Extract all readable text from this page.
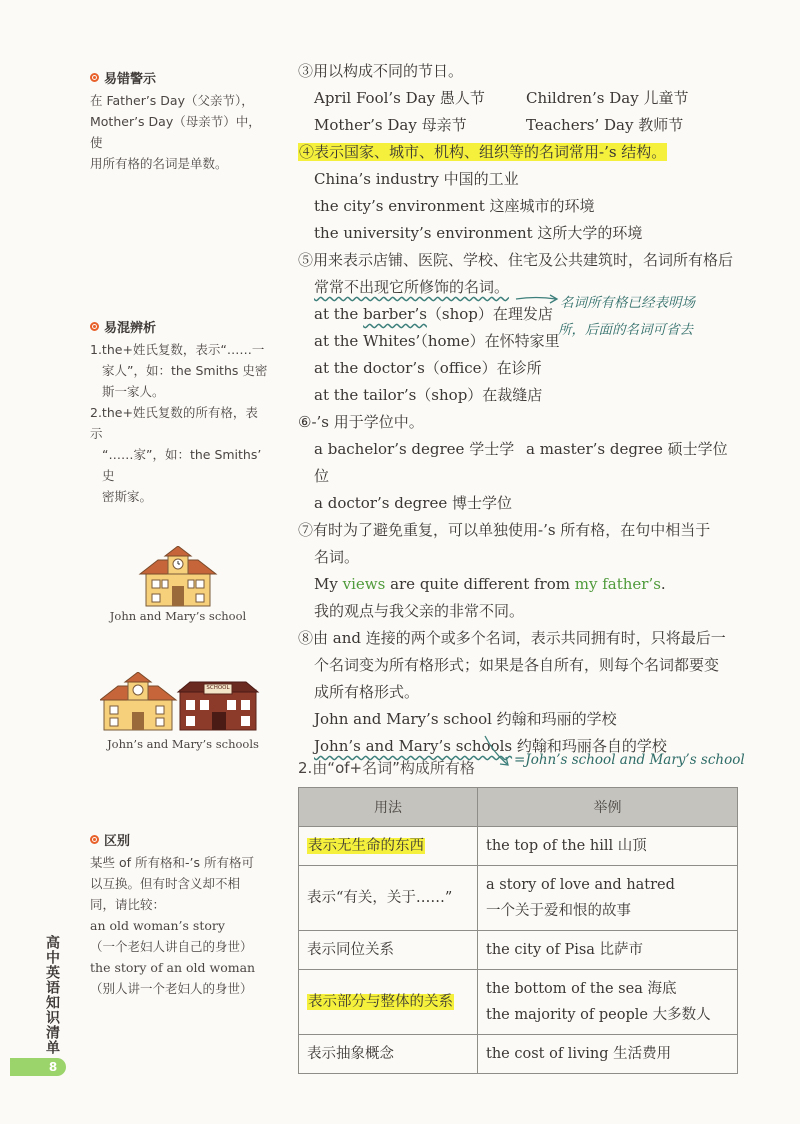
易错警示
在 Father’s Day（父亲节），
Mother’s Day（母亲节）中，使
用所有格的名词是单数。
易混辨析
1.the+姓氏复数，表示“……一
家人”，如：the Smiths 史密
斯一家人。
2.the+姓氏复数的所有格，表示
“……家”，如：the Smiths’ 史
密斯家。
John and Mary’s school
SCHOOL
John’s and Mary’s schools
区别
某些 of 所有格和-’s 所有格可
以互换。但有时含义却不相
同，请比较：
an old woman’s story
（一个老妇人讲自己的身世）
the story of an old woman
（别人讲一个老妇人的身世）
高中英语知识清单
8
③用以构成不同的节日。
April Fool’s Day 愚人节	Children’s Day 儿童节
Mother’s Day 母亲节	Teachers’ Day 教师节
④表示国家、城市、机构、组织等的名词常用-’s 结构。
China’s industry 中国的工业
the city’s environment 这座城市的环境
the university’s environment 这所大学的环境
⑤用来表示店铺、医院、学校、住宅及公共建筑时，名词所有格后
常常不出现它所修饰的名词。
at the barber’s（shop）在理发店
at the Whites’（home）在怀特家里
at the doctor’s（office）在诊所
at the tailor’s（shop）在裁缝店
⑥-’s 用于学位中。
a bachelor’s degree 学士学位
a master’s degree 硕士学位
a doctor’s degree 博士学位
⑦有时为了避免重复，可以单独使用-’s 所有格，在句中相当于
名词。
My views are quite different from my father’s.
我的观点与我父亲的非常不同。
⑧由 and 连接的两个或多个名词，表示共同拥有时，只将最后一
个名词变为所有格形式；如果是各自所有，则每个名词都要变
成所有格形式。
John and Mary’s school 约翰和玛丽的学校
John’s and Mary’s schools 约翰和玛丽各自的学校
名词所有格已经表明场
所，后面的名词可省去
=John’s school and Mary’s school
2.由“of+名词”构成所有格
用法	举例
表示无生命的东西	the top of the hill 山顶

表示“有关，关于……”	a story of love and hatred
一个关于爱和恨的故事

表示同位关系	the city of Pisa 比萨市

表示部分与整体的关系	the bottom of the sea 海底
the majority of people 大多数人

表示抽象概念	the cost of living 生活费用
